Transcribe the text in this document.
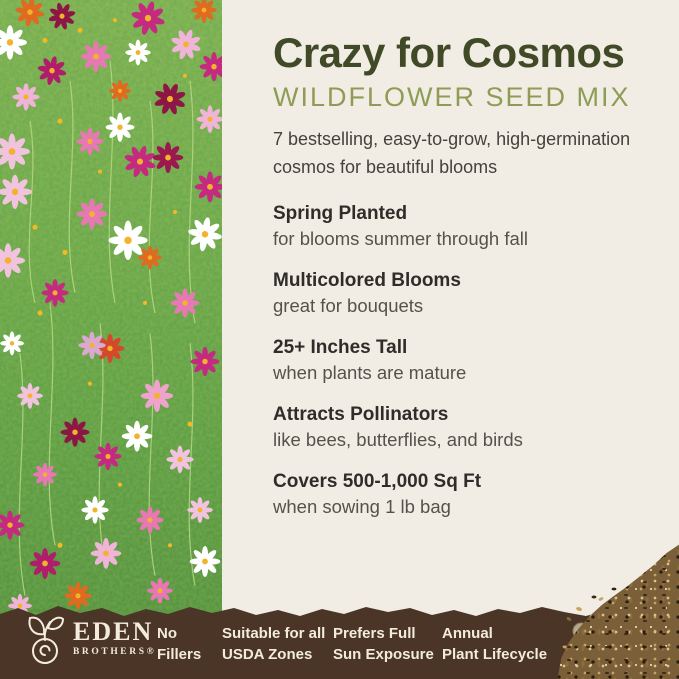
Crazy for Cosmos
WILDFLOWER SEED MIX
7 bestselling, easy-to-grow, high-germination
cosmos for beautiful blooms
Spring Planted

for blooms summer through fall

Multicolored Blooms

great for bouquets

25+ Inches Tall

when plants are mature

Attracts Pollinators

like bees, butterflies, and birds

Covers 500-1,000 Sq Ft

when sowing 1 lb bag

EDEN
BROTHERS®
No
Fillers
Suitable for all
USDA Zones
Prefers Full
Sun Exposure
Annual
Plant Lifecycle
